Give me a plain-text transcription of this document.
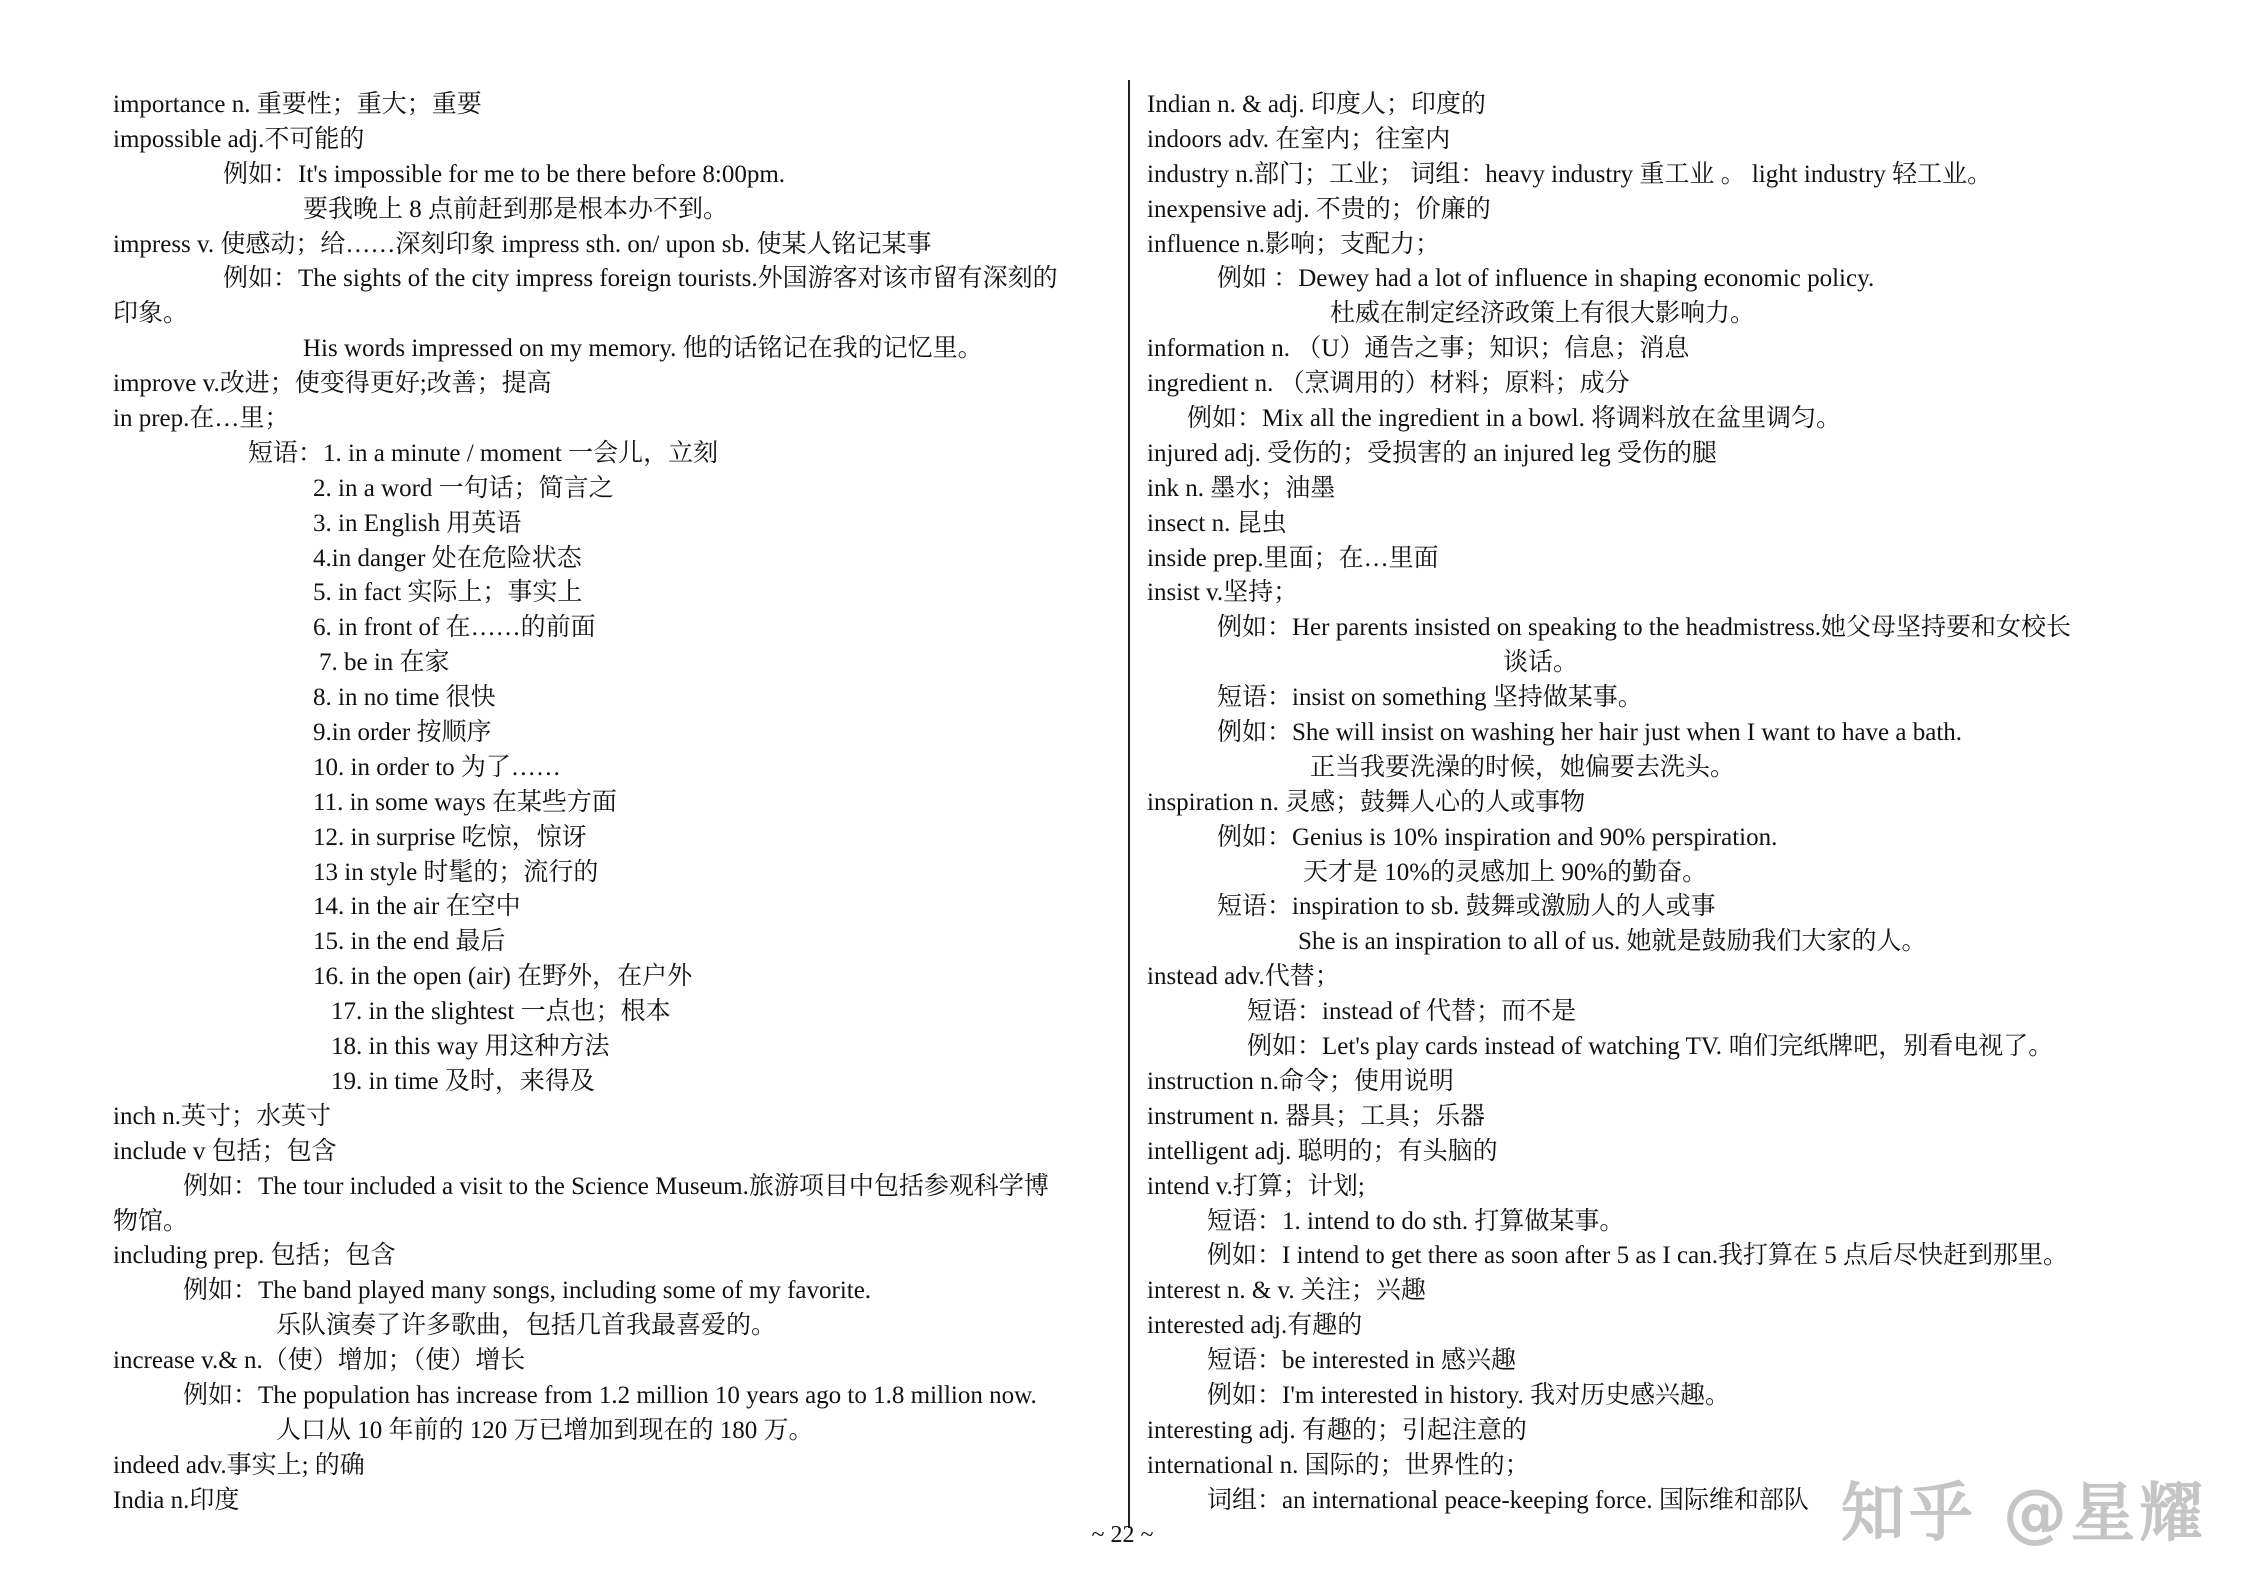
importance n. 重要性；重大；重要
impossible adj.不可能的
例如：It's impossible for me to be there before 8:00pm.
要我晚上 8 点前赶到那是根本办不到。
impress v. 使感动；给……深刻印象 impress sth. on/ upon sb. 使某人铭记某事
例如：The sights of the city impress foreign tourists.外国游客对该市留有深刻的
印象。
His words impressed on my memory. 他的话铭记在我的记忆里。
improve v.改进；使变得更好;改善；提高
in prep.在…里；
短语：1. in a minute / moment 一会儿，立刻
2. in a word 一句话；简言之
3. in English 用英语
4.in danger 处在危险状态
5. in fact 实际上；事实上
6. in front of 在……的前面
7. be in 在家
8. in no time 很快
9.in order 按顺序
10. in order to 为了……
11. in some ways 在某些方面
12. in surprise 吃惊，惊讶
13 in style 时髦的；流行的
14. in the air 在空中
15. in the end 最后
16. in the open (air) 在野外，在户外
17. in the slightest 一点也；根本
18. in this way 用这种方法
19. in time 及时，来得及
inch n.英寸；水英寸
include v 包括；包含
例如：The tour included a visit to the Science Museum.旅游项目中包括参观科学博
物馆。
including prep. 包括；包含
例如：The band played many songs, including some of my favorite.
乐队演奏了许多歌曲，包括几首我最喜爱的。
increase v.& n.（使）增加；（使）增长
例如：The population has increase from 1.2 million 10 years ago to 1.8 million now.
人口从 10 年前的 120 万已增加到现在的 180 万。
indeed adv.事实上; 的确
India n.印度
Indian n. & adj. 印度人；印度的
indoors adv. 在室内；往室内
industry n.部门；工业； 词组：heavy industry 重工业 。 light industry 轻工业。
inexpensive adj. 不贵的；价廉的
influence n.影响；支配力；
例如 ：Dewey had a lot of influence in shaping economic policy.
杜威在制定经济政策上有很大影响力。
information n. （U）通告之事；知识；信息；消息
ingredient n. （烹调用的）材料；原料；成分
例如：Mix all the ingredient in a bowl. 将调料放在盆里调匀。
injured adj. 受伤的；受损害的 an injured leg 受伤的腿
ink n. 墨水；油墨
insect n. 昆虫
inside prep.里面；在…里面
insist v.坚持；
例如：Her parents insisted on speaking to the headmistress.她父母坚持要和女校长
谈话。
短语：insist on something 坚持做某事。
例如：She will insist on washing her hair just when I want to have a bath.
正当我要洗澡的时候，她偏要去洗头。
inspiration n. 灵感；鼓舞人心的人或事物
例如：Genius is 10% inspiration and 90% perspiration.
天才是 10%的灵感加上 90%的勤奋。
短语：inspiration to sb. 鼓舞或激励人的人或事
She is an inspiration to all of us. 她就是鼓励我们大家的人。
instead adv.代替；
短语：instead of 代替；而不是
例如：Let's play cards instead of watching TV. 咱们完纸牌吧，别看电视了。
instruction n.命令；使用说明
instrument n. 器具；工具；乐器
intelligent adj. 聪明的；有头脑的
intend v.打算；计划;
短语：1. intend to do sth. 打算做某事。
例如：I intend to get there as soon after 5 as I can.我打算在 5 点后尽快赶到那里。
interest n. & v. 关注；兴趣
interested adj.有趣的
短语：be interested in 感兴趣
例如：I'm interested in history. 我对历史感兴趣。
interesting adj. 有趣的；引起注意的
international n. 国际的；世界性的；
词组：an international peace-keeping force. 国际维和部队
~ 22 ~	知乎 @星耀
